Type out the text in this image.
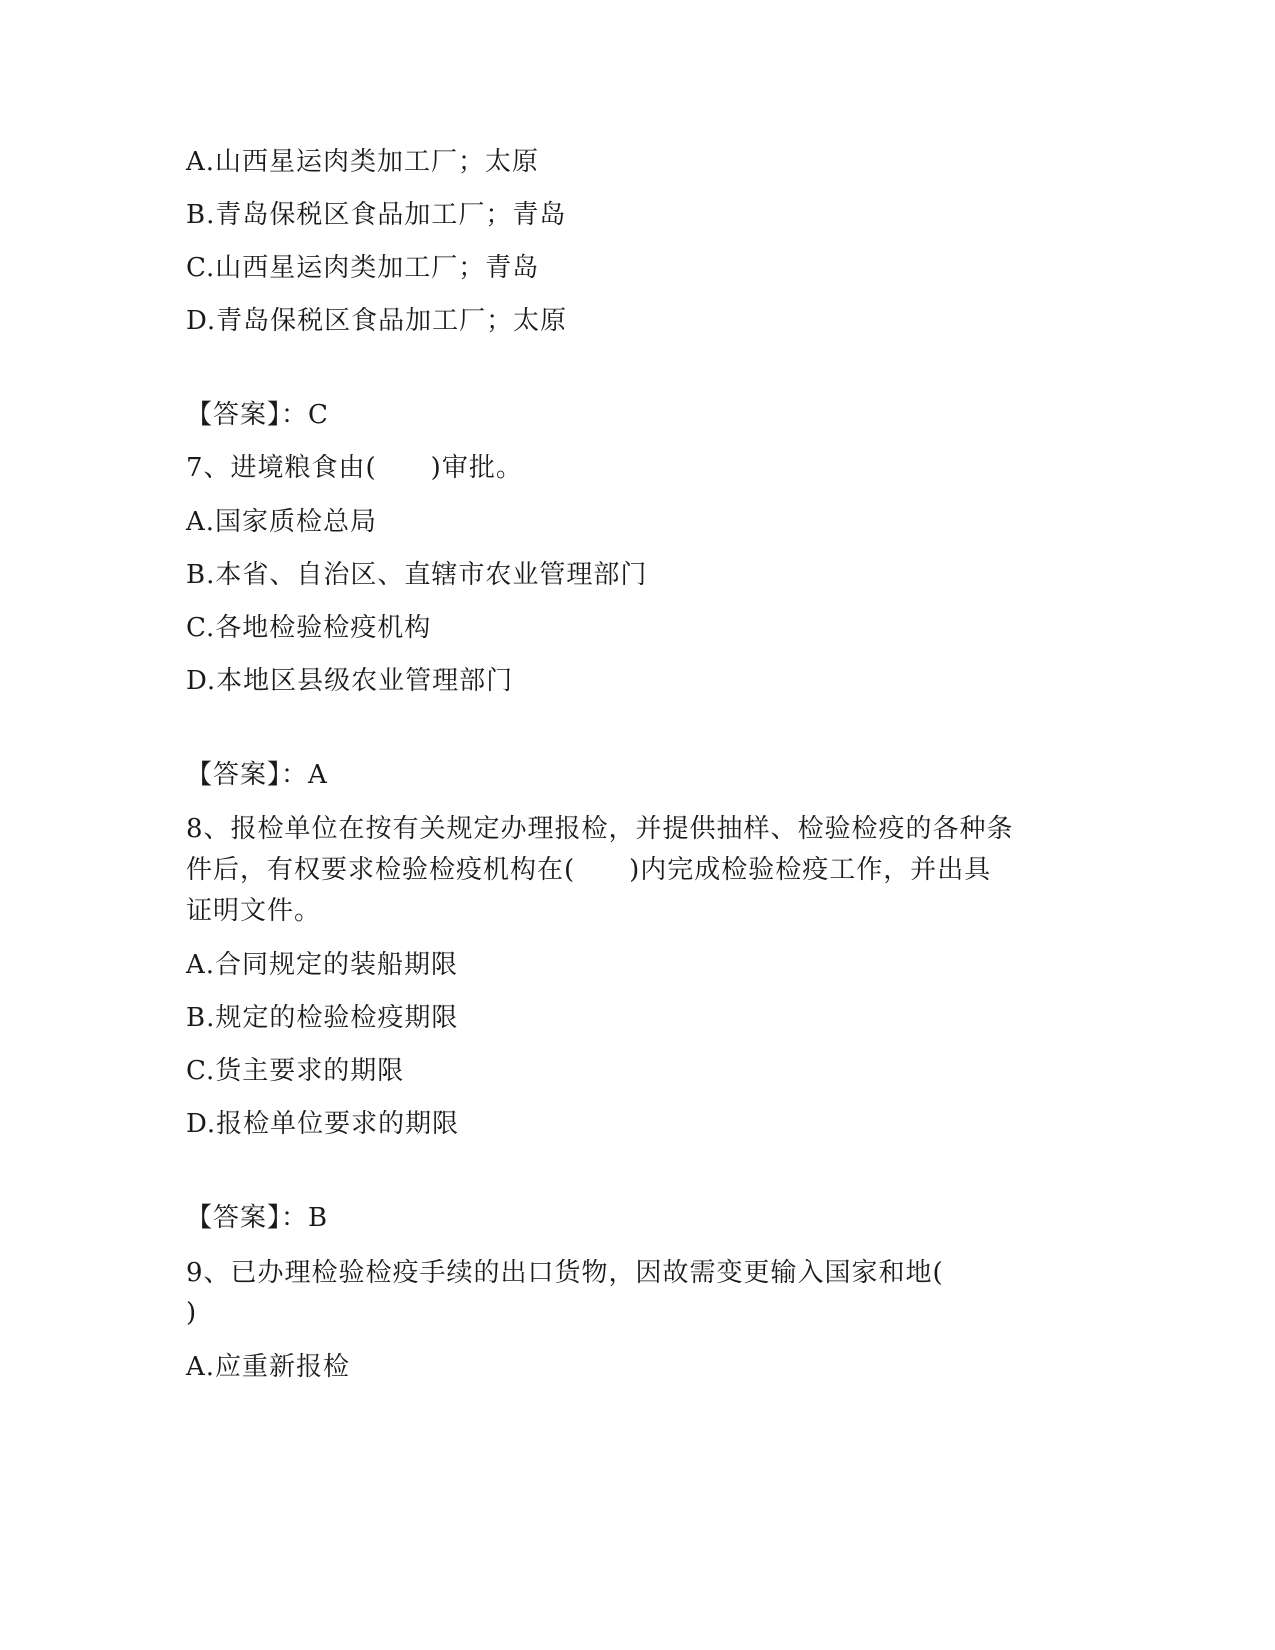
A.山西星运肉类加工厂；太原
B.青岛保税区食品加工厂；青岛
C.山西星运肉类加工厂；青岛
D.青岛保税区食品加工厂；太原
【答案】：C
7、进境粮食由(　　)审批。
A.国家质检总局
B.本省、自治区、直辖市农业管理部门
C.各地检验检疫机构
D.本地区县级农业管理部门
【答案】：A
8、报检单位在按有关规定办理报检，并提供抽样、检验检疫的各种条
件后，有权要求检验检疫机构在(　　)内完成检验检疫工作，并出具
证明文件。
A.合同规定的装船期限
B.规定的检验检疫期限
C.货主要求的期限
D.报检单位要求的期限
【答案】：B
9、已办理检验检疫手续的出口货物，因故需变更输入国家和地(
)
A.应重新报检
